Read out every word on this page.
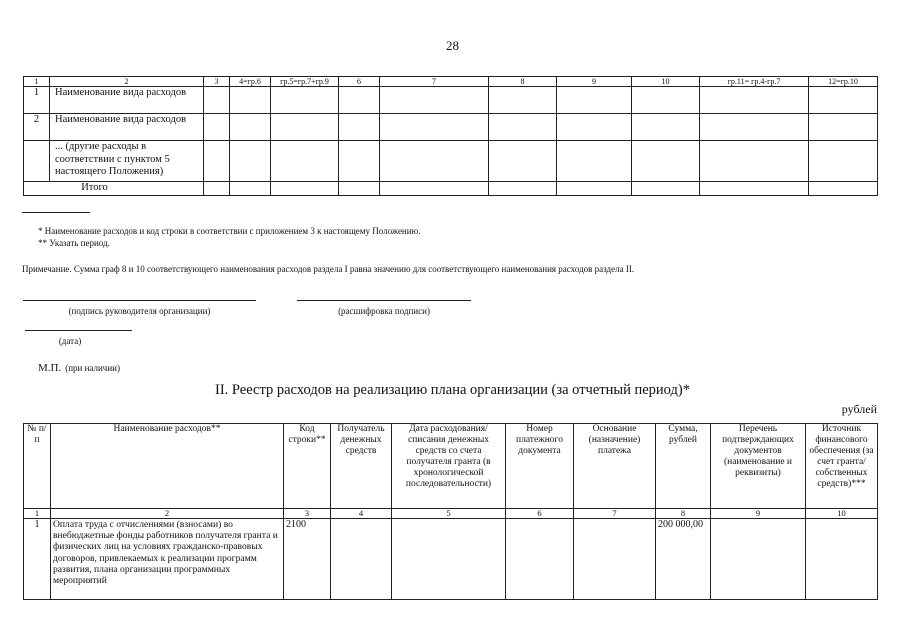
28
1	2	3	4=гр.6	гр.5=гр.7+гр.9	6	7	8	9	10	гр.11= гр.4-гр.7	12=гр.10
1	Наименование вида расходов										
2	Наименование вида расходов										
	... (другие расходы в соответствии с пунктом 5 настоящего Положения)										
Итого											
* Наименование расходов и код строки в соответствии с приложением 3 к настоящему Положению.
** Указать период.
Примечание. Сумма граф 8 и 10 соответствующего наименования расходов раздела I равна значению для соответствующего наименования расходов раздела II.
(подпись руководителя организации)	(расшифровка подписи)
(дата)
М.П. (при наличии)
II. Реестр расходов на реализацию плана организации (за отчетный период)*
рублей
№ п/п	Наименование расходов**	Код строки**	Получатель денежных средств	Дата расходования/ списания денежных средств со счета получателя гранта (в хронологической последовательности)	Номер платежного документа	Основание (назначение) платежа	Сумма, рублей	Перечень подтверждающих документов (наименование и реквизиты)	Источник финансового обеспечения (за счет гранта/ собственных средств)***
1	2	3	4	5	6	7	8	9	10
1	Оплата труда с отчислениями (взносами) во внебюджетные фонды работников получателя гранта и физических лиц на условиях гражданско-правовых договоров, привлекаемых к реализации программ развития, плана организации программных мероприятий	2100					200 000,00		
